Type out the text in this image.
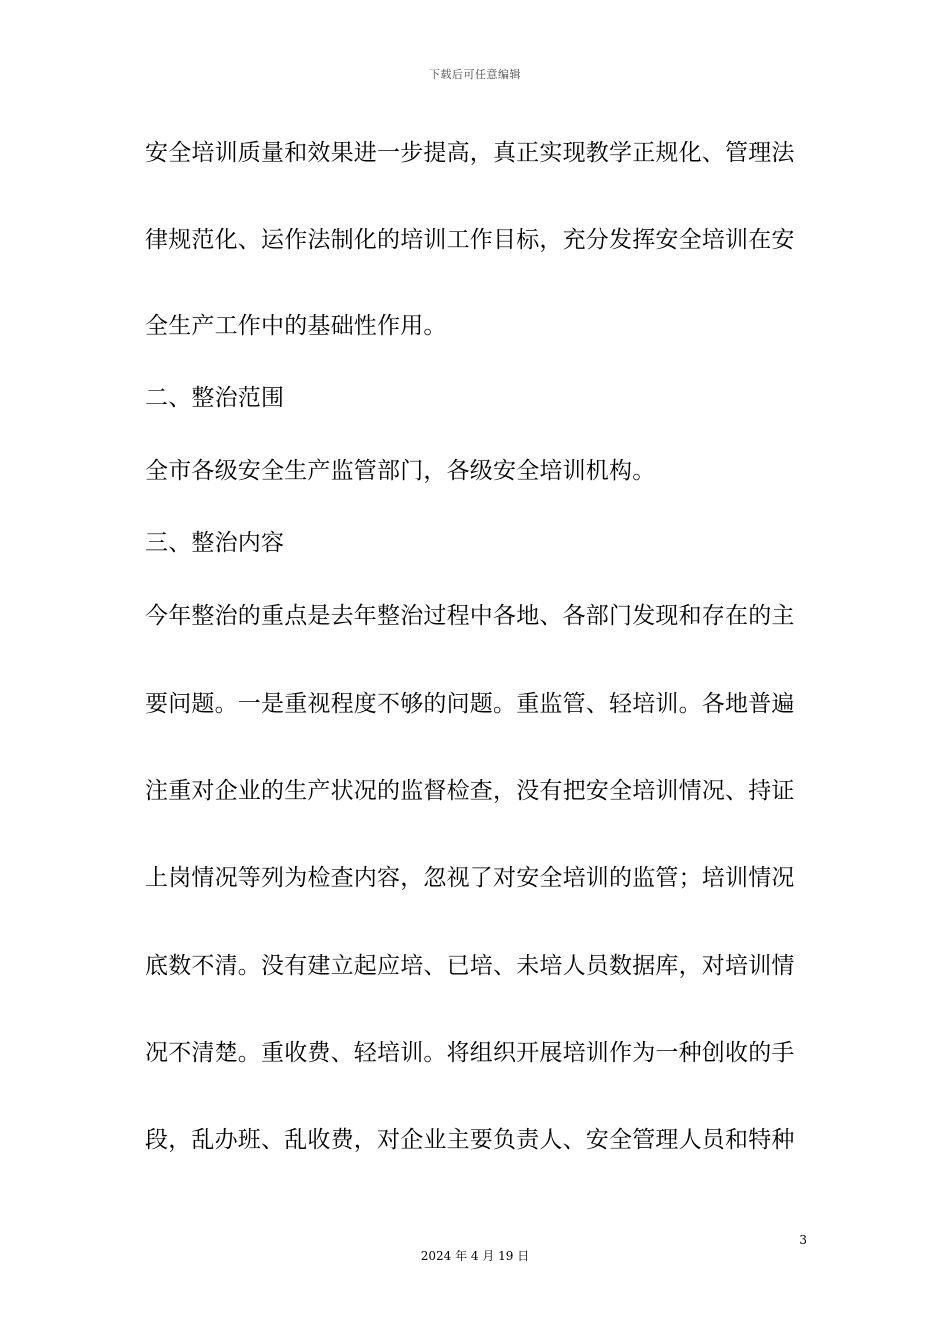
下载后可任意编辑
安全培训质量和效果进一步提高，真正实现教学正规化、管理法
律规范化、运作法制化的培训工作目标，充分发挥安全培训在安
全生产工作中的基础性作用。
二、整治范围
全市各级安全生产监管部门，各级安全培训机构。
三、整治内容
今年整治的重点是去年整治过程中各地、各部门发现和存在的主
要问题。一是重视程度不够的问题。重监管、轻培训。各地普遍
注重对企业的生产状况的监督检查，没有把安全培训情况、持证
上岗情况等列为检查内容，忽视了对安全培训的监管；培训情况
底数不清。没有建立起应培、已培、未培人员数据库，对培训情
况不清楚。重收费、轻培训。将组织开展培训作为一种创收的手
段，乱办班、乱收费，对企业主要负责人、安全管理人员和特种
3
2024 年 4 月 19 日
